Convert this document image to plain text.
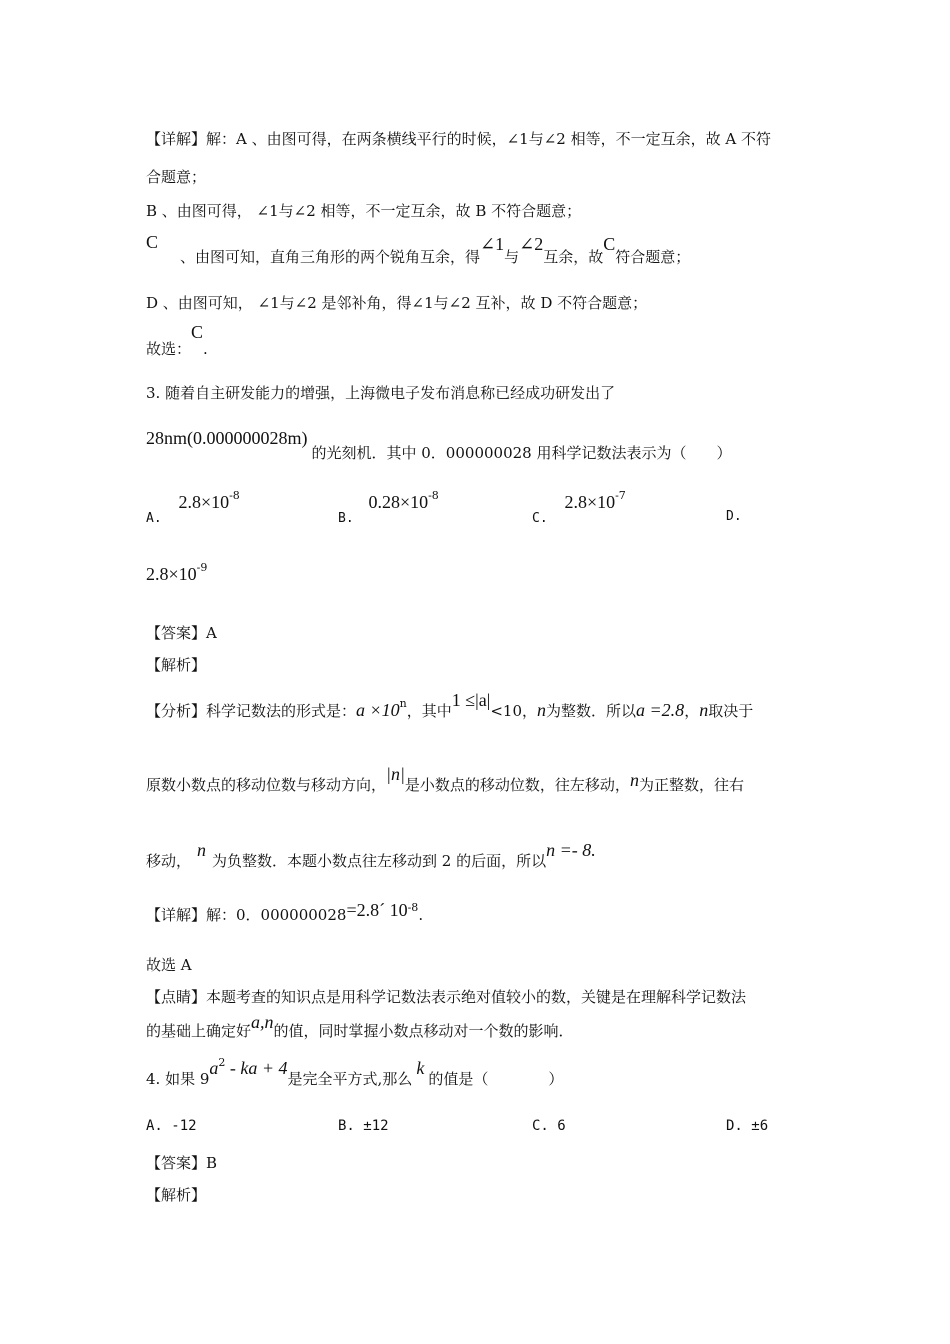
【详解】解：A 、由图可得，在两条横线平行的时候，∠1与∠2 相等，不一定互余，故 A 不符
合题意；
B 、由图可得， ∠1与∠2 相等，不一定互余，故 B 不符合题意；
C
、由图可知，直角三角形的两个锐角互余，得∠1与∠2互余，故C符合题意；
D 、由图可知， ∠1与∠2 是邻补角，得∠1与∠2 互补，故 D 不符合题意；
故选：C.
3. 随着自主研发能力的增强，上海微电子发布消息称已经成功研发出了
28nm(0.000000028m)的光刻机．其中 0．000000028 用科学记数法表示为（　　）
A. $2.8\times 10^{-8}$
B. $0.28\times 10^{-8}$
C. $2.8\times 10^{-7}$
D.
$2.8\times 10^{-9}$
【答案】A
【解析】
【分析】科学记数法的形式是：$a \times 10^n$，其中1 ≤|a|<10，n为整数．所以a =2.8，n取决于
原数小数点的移动位数与移动方向，|n|是小数点的移动位数，往左移动，n为正整数，往右
移动，n为负整数．本题小数点往左移动到 2 的后面，所以n =- 8.
【详解】解：0．000000028=2.8´ $10^{-8}$.
故选 A
【点睛】本题考查的知识点是用科学记数法表示绝对值较小的数，关键是在理解科学记数法
的基础上确定好a,n的值，同时掌握小数点移动对一个数的影响．
4. 如果 $9a^2$ - ka + 4是完全平方式,那么k的值是（　　　　）
A. -12	B. ±12	C. 6	D. ±6
【答案】B
【解析】
